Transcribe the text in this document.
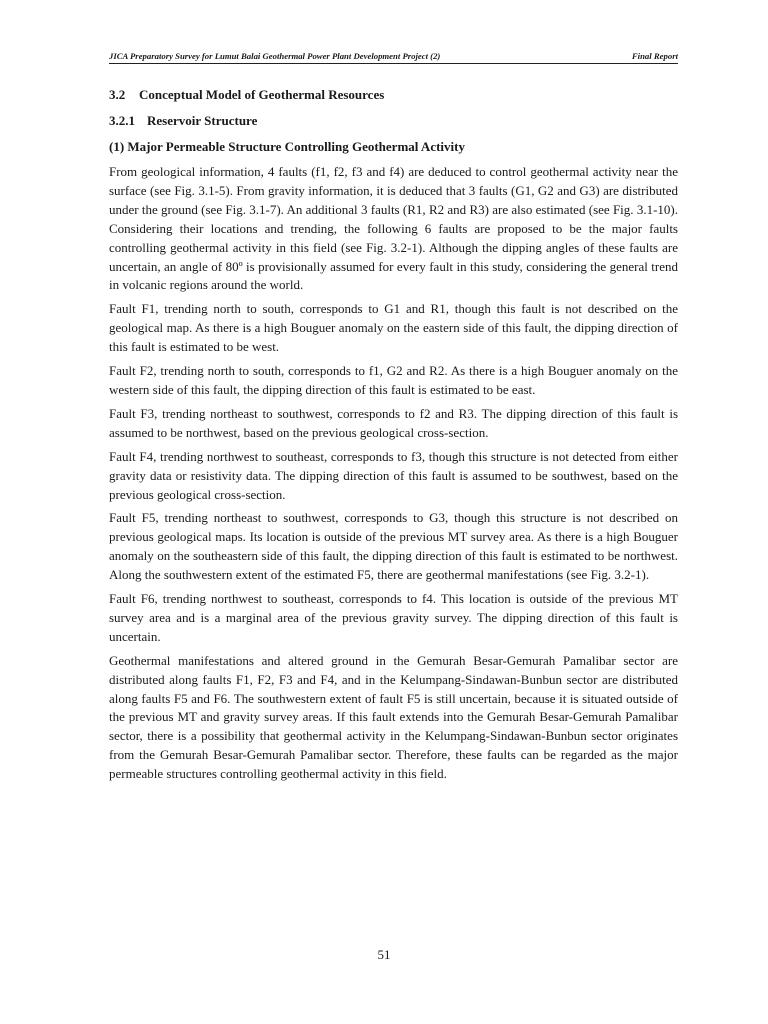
JICA Preparatory Survey for Lumut Balai Geothermal Power Plant Development Project (2)	Final Report
3.2 Conceptual Model of Geothermal Resources
3.2.1 Reservoir Structure
(1) Major Permeable Structure Controlling Geothermal Activity

From geological information, 4 faults (f1, f2, f3 and f4) are deduced to control geothermal activity near the surface (see Fig. 3.1-5). From gravity information, it is deduced that 3 faults (G1, G2 and G3) are distributed under the ground (see Fig. 3.1-7). An additional 3 faults (R1, R2 and R3) are also estimated (see Fig. 3.1-10). Considering their locations and trending, the following 6 faults are proposed to be the major faults controlling geothermal activity in this field (see Fig. 3.2-1). Although the dipping angles of these faults are uncertain, an angle of 80º is provisionally assumed for every fault in this study, considering the general trend in volcanic regions around the world.

Fault F1, trending north to south, corresponds to G1 and R1, though this fault is not described on the geological map. As there is a high Bouguer anomaly on the eastern side of this fault, the dipping direction of this fault is estimated to be west.

Fault F2, trending north to south, corresponds to f1, G2 and R2. As there is a high Bouguer anomaly on the western side of this fault, the dipping direction of this fault is estimated to be east.

Fault F3, trending northeast to southwest, corresponds to f2 and R3. The dipping direction of this fault is assumed to be northwest, based on the previous geological cross-section.

Fault F4, trending northwest to southeast, corresponds to f3, though this structure is not detected from either gravity data or resistivity data. The dipping direction of this fault is assumed to be southwest, based on the previous geological cross-section.

Fault F5, trending northeast to southwest, corresponds to G3, though this structure is not described on previous geological maps. Its location is outside of the previous MT survey area. As there is a high Bouguer anomaly on the southeastern side of this fault, the dipping direction of this fault is estimated to be northwest. Along the southwestern extent of the estimated F5, there are geothermal manifestations (see Fig. 3.2-1).

Fault F6, trending northwest to southeast, corresponds to f4. This location is outside of the previous MT survey area and is a marginal area of the previous gravity survey. The dipping direction of this fault is uncertain.

Geothermal manifestations and altered ground in the Gemurah Besar-Gemurah Pamalibar sector are distributed along faults F1, F2, F3 and F4, and in the Kelumpang-Sindawan-Bunbun sector are distributed along faults F5 and F6. The southwestern extent of fault F5 is still uncertain, because it is situated outside of the previous MT and gravity survey areas. If this fault extends into the Gemurah Besar-Gemurah Pamalibar sector, there is a possibility that geothermal activity in the Kelumpang-Sindawan-Bunbun sector originates from the Gemurah Besar-Gemurah Pamalibar sector. Therefore, these faults can be regarded as the major permeable structures controlling geothermal activity in this field.

51
